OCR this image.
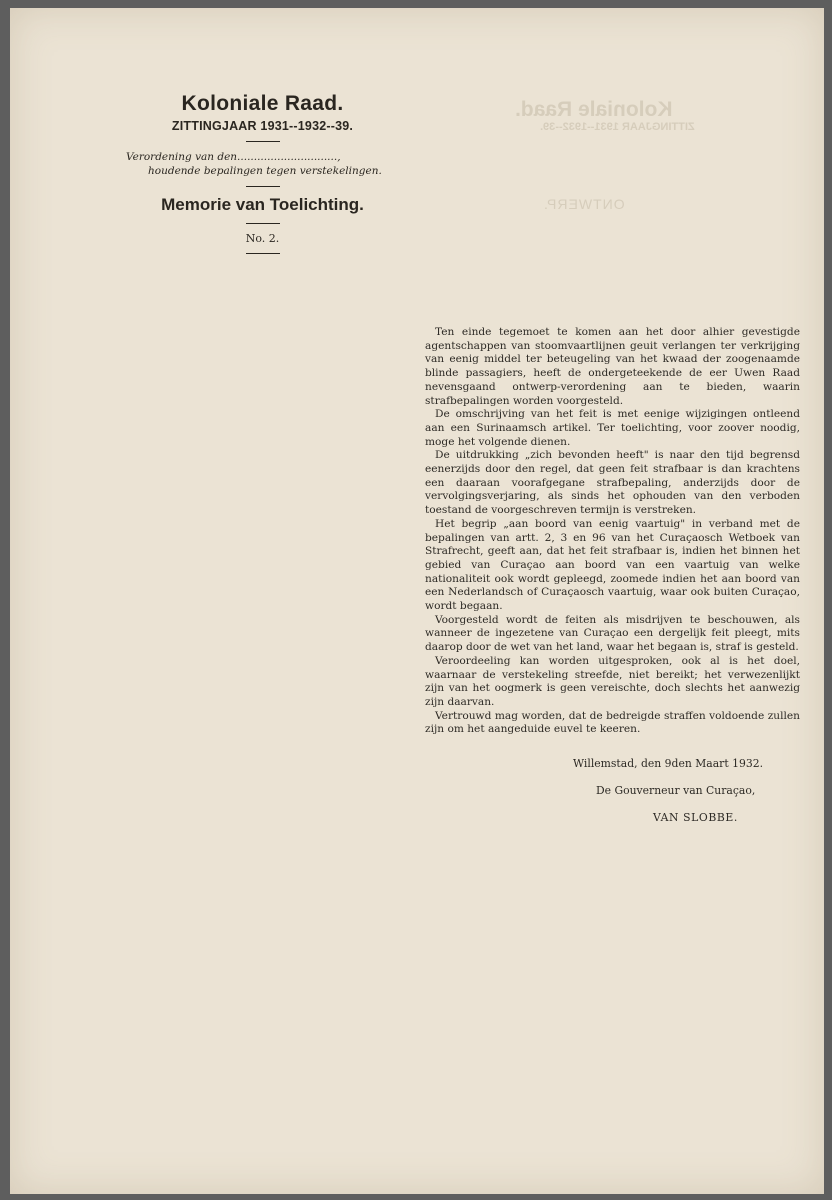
Koloniale Raad.
ZITTINGJAAR 1931--1932--39.
ONTWERP.
Koloniale Raad.
ZITTINGJAAR 1931--1932--39.
Verordening van den..............................,
houdende bepalingen tegen verstekelingen.
Memorie van Toelichting.
No. 2.

Ten einde tegemoet te komen aan het door alhier gevestigde agentschappen van stoomvaartlijnen geuit verlangen ter verkrijging van eenig middel ter beteugeling van het kwaad der zoogenaamde blinde passagiers, heeft de ondergeteekende de eer Uwen Raad nevensgaand ontwerp-verordening aan te bieden, waarin strafbepalingen worden voorgesteld.

De omschrijving van het feit is met eenige wijzigingen ontleend aan een Surinaamsch artikel. Ter toelichting, voor zoover noodig, moge het volgende dienen.

De uitdrukking „zich bevonden heeft" is naar den tijd begrensd eenerzijds door den regel, dat geen feit strafbaar is dan krachtens een daaraan voorafgegane strafbepaling, anderzijds door de vervolgingsverjaring, als sinds het ophouden van den verboden toestand de voorgeschreven termijn is verstreken.

Het begrip „aan boord van eenig vaartuig" in verband met de bepalingen van artt. 2, 3 en 96 van het Curaçaosch Wetboek van Strafrecht, geeft aan, dat het feit strafbaar is, indien het binnen het gebied van Curaçao aan boord van een vaartuig van welke nationaliteit ook wordt gepleegd, zoomede indien het aan boord van een Nederlandsch of Curaçaosch vaartuig, waar ook buiten Curaçao, wordt begaan.

Voorgesteld wordt de feiten als misdrijven te beschouwen, als wanneer de ingezetene van Curaçao een dergelijk feit pleegt, mits daarop door de wet van het land, waar het begaan is, straf is gesteld.

Veroordeeling kan worden uitgesproken, ook al is het doel, waarnaar de verstekeling streefde, niet bereikt; het verwezenlijkt zijn van het oogmerk is geen vereischte, doch slechts het aanwezig zijn daarvan.

Vertrouwd mag worden, dat de bedreigde straffen voldoende zullen zijn om het aangeduide euvel te keeren.

Willemstad, den 9den Maart 1932.
De Gouverneur van Curaçao,
VAN SLOBBE.
